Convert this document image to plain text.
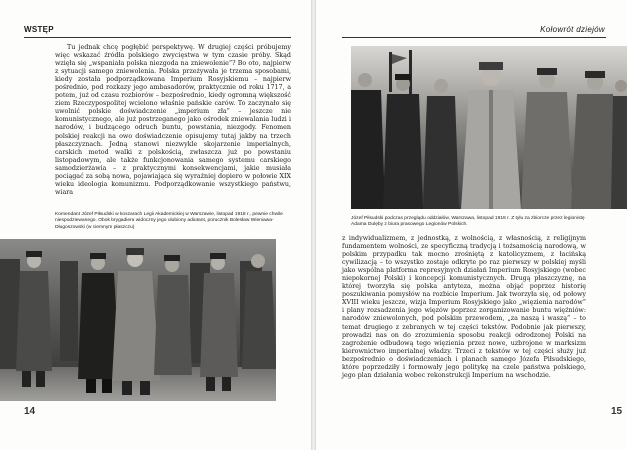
WSTĘP

Tu jednak chcę pogłębić perspektywę. W drugiej części próbujemy więc wskazać źródła polskiego zwycięstwa w tym czasie próby. Skąd wzięła się „wspaniała polska niezgoda na zniewolenie”? Bo oto, najpierw z sytuacji samego zniewolenia. Polska przeżywała je trzema sposobami, kiedy została podporządkowana Imperium Rosyjskiemu – najpierw pośrednio, pod rozkazy jego ambasadorów, praktycznie od roku 1717, a potem, już od czasu rozbiorów – bezpośrednio, kiedy ogromną większość ziem Rzeczypospolitej wcielono właśnie pańskie carów. To zaczynało się uwolnić polskie doświadczenie „imperium zła” – jeszcze nie komunistycznego, ale już postrzeganego jako ośrodek zniewalania ludzi i narodów, i budzącego odruch buntu, powstania, niezgody. Fenomen polskiej reakcji na owo doświadczenie opisujemy tutaj jakby na trzech płaszczyznach. Jedną stanowi niezwykle skojarzenie imperialnych, carskich metod walki z polskością, zwłaszcza już po powstaniu listopadowym, ale także funkcjonowania samego systemu carskiego samodzierżawia – z praktycznymi konsekwencjami, jakie musiała pociągać za sobą nowa, pojawiająca się wyraźniej dopiero w połowie XIX wieku ideologia komunizmu. Podporządkowanie wszystkiego państwu, wiara

Komendant Józef Piłsudski w koszarach Legii Akademickiej w Warszawie, listopad 1918 r., pewnie chwile niespodziewanego. Obok brygadiera widoczny jego ulubiony adiutant, porucznik Bolesław Wieniawa-Długoszowski (w ciemnym płaszczu)
14
Kołowrót dziejów
Józef Piłsudski podczas przeglądu oddziałów, Warszawa, listopad 1918 r. Z tyłu za zbiorcze przez legionistę Adama Dulęby z biura prasowego Legionów Polskich.

z indywidualizmem, z jednostką, z wolnością, z własnością, z religijnym fundamentem wolności, ze specyficzną tradycją i tożsamością narodową, w polskim przypadku tak mocno zrośniętą z katolicyzmem, z łacińską cywilizacją – to wszystko zostaje odkryte po raz pierwszy w polskiej myśli jako wspólna platforma represyjnych działań Imperium Rosyjskiego (wobec niepokornej Polski) i koncepcji komunistycznych. Drugą płaszczyznę, na której tworzyła się polska antyteza, można objąć poprzez historię poszukiwania pomysłów na rozbicie Imperium. Jak tworzyła się, od połowy XVIII wieku jeszcze, wizja Imperium Rosyjskiego jako „więzienia narodów” i plany rozsadzenia jego więzów poprzez zorganizowanie buntu więźniów: narodów zniewolonych, pod polskim przewodem, „za naszą i waszą” – to temat drugiego z zebranych w tej części tekstów. Podobnie jak pierwszy, prowadzi nas on do zrozumienia sposobu reakcji odrodzonej Polski na zagrożenie odbudową tego więzienia przez nowe, uzbrojone w marksizm kierownictwo imperialnej władzy. Trzeci z tekstów w tej części służy już bezpośrednio o doświadczeniach i planach samego Józefa Piłsudskiego, które poprzedziły i formowały jego politykę na czele państwa polskiego, jego plan działania wobec rekonstrukcji Imperium na wschodzie.

15
